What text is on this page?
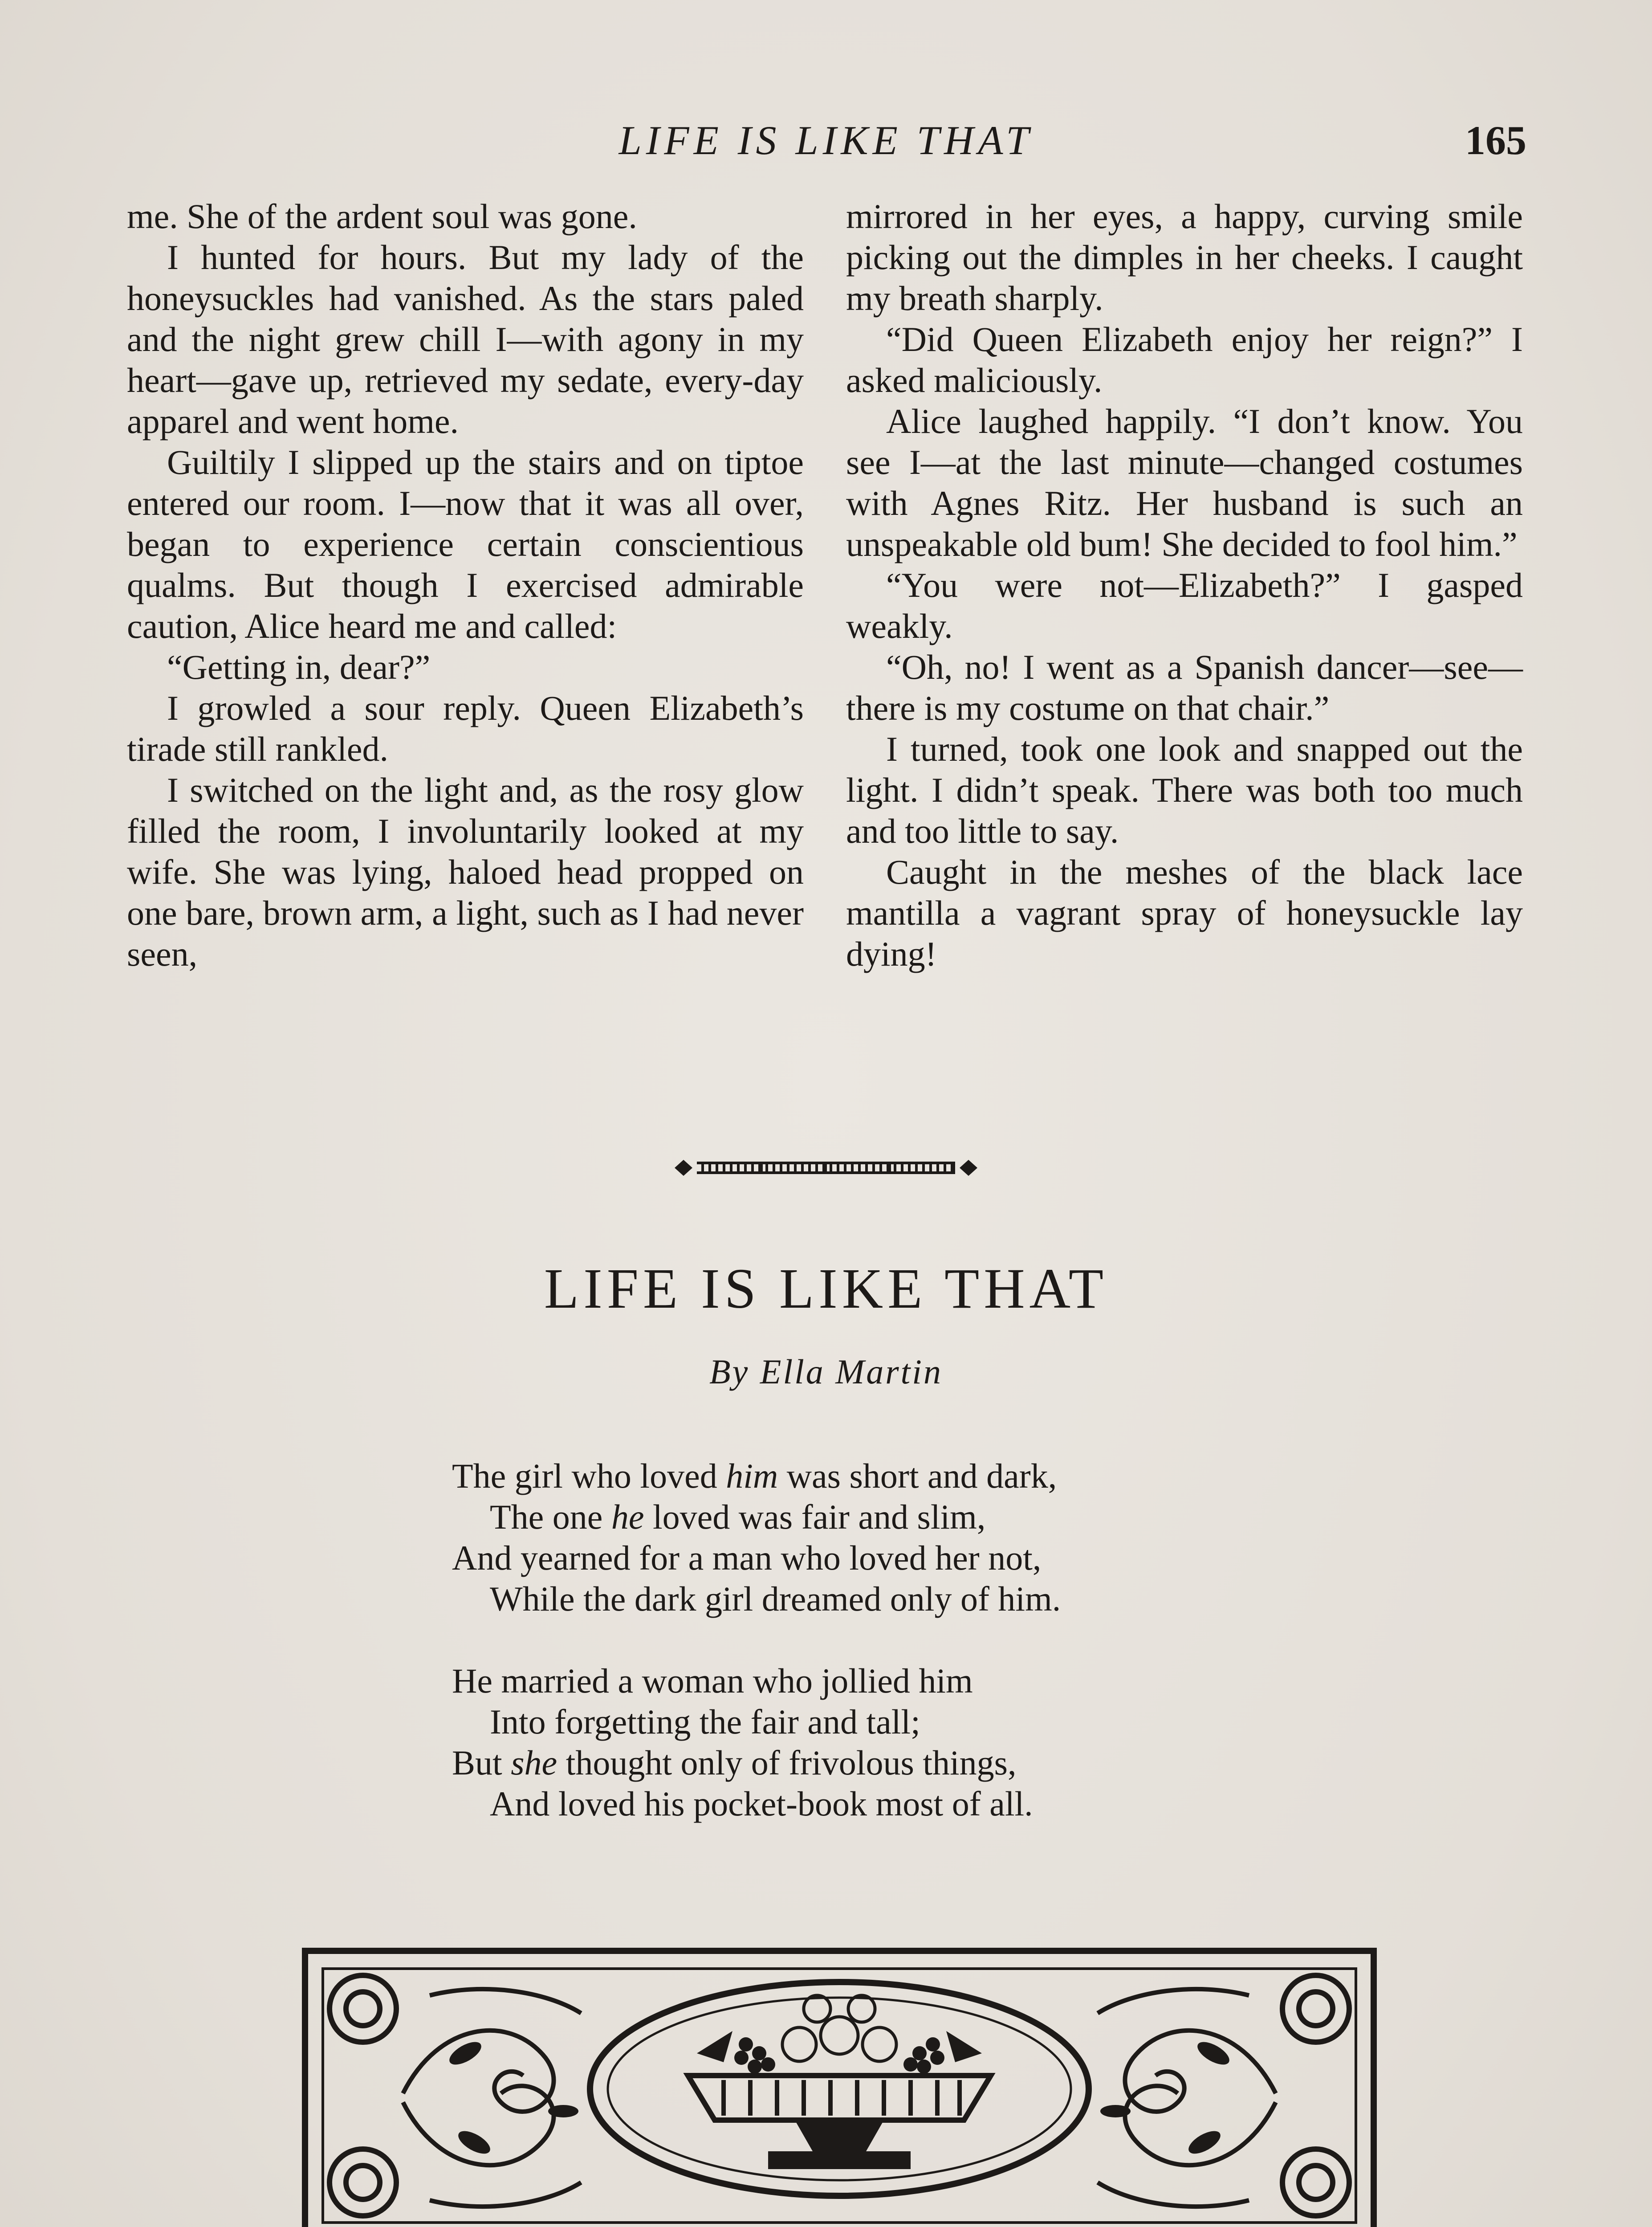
LIFE IS LIKE THAT	165

me. She of the ardent soul was gone.

I hunted for hours. But my lady of the honeysuckles had vanished. As the stars paled and the night grew chill I—with agony in my heart—gave up, retrieved my sedate, every-day apparel and went home.

Guiltily I slipped up the stairs and on tiptoe entered our room. I—now that it was all over, began to experience certain conscientious qualms. But though I exercised admirable caution, Alice heard me and called:

“Getting in, dear?”

I growled a sour reply. Queen Elizabeth’s tirade still rankled.

I switched on the light and, as the rosy glow filled the room, I involuntarily looked at my wife. She was lying, haloed head propped on one bare, brown arm, a light, such as I had never seen,

mirrored in her eyes, a happy, curving smile picking out the dimples in her cheeks. I caught my breath sharply.

“Did Queen Elizabeth enjoy her reign?” I asked maliciously.

Alice laughed happily. “I don’t know. You see I—at the last minute—changed costumes with Agnes Ritz. Her husband is such an unspeakable old bum! She decided to fool him.”

“You were not—Elizabeth?” I gasped weakly.

“Oh, no! I went as a Spanish dancer—see—there is my costume on that chair.”

I turned, took one look and snapped out the light. I didn’t speak. There was both too much and too little to say.

Caught in the meshes of the black lace mantilla a vagrant spray of honeysuckle lay dying!

LIFE IS LIKE THAT
By Ella Martin
The girl who loved him was short and dark,
The one he loved was fair and slim,
And yearned for a man who loved her not,
While the dark girl dreamed only of him.
He married a woman who jollied him
Into forgetting the fair and tall;
But she thought only of frivolous things,
And loved his pocket-book most of all.
